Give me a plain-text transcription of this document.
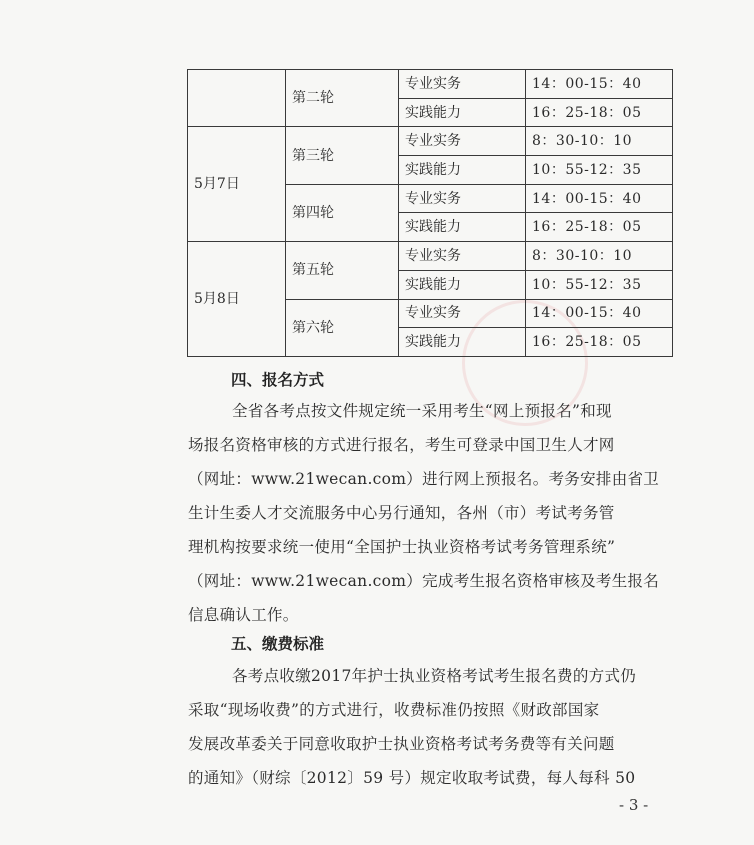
	第二轮	专业实务	14：00-15：40
		实践能力	16：25-18：05
5月7日	第三轮	专业实务	8：30-10：10
		实践能力	10：55-12：35
	第四轮	专业实务	14：00-15：40
		实践能力	16：25-18：05
5月8日	第五轮	专业实务	8：30-10：10
		实践能力	10：55-12：35
	第六轮	专业实务	14：00-15：40
		实践能力	16：25-18：05
四、报名方式
全省各考点按文件规定统一采用考生“网上预报名”和现
场报名资格审核的方式进行报名，考生可登录中国卫生人才网
（网址：www.21wecan.com）进行网上预报名。考务安排由省卫
生计生委人才交流服务中心另行通知，各州（市）考试考务管
理机构按要求统一使用“全国护士执业资格考试考务管理系统”
（网址：www.21wecan.com）完成考生报名资格审核及考生报名
信息确认工作。
五、缴费标准
各考点收缴2017年护士执业资格考试考生报名费的方式仍
采取“现场收费”的方式进行，收费标准仍按照《财政部国家
发展改革委关于同意收取护士执业资格考试考务费等有关问题
的通知》（财综〔2012〕59 号）规定收取考试费，每人每科 50
- 3 -
